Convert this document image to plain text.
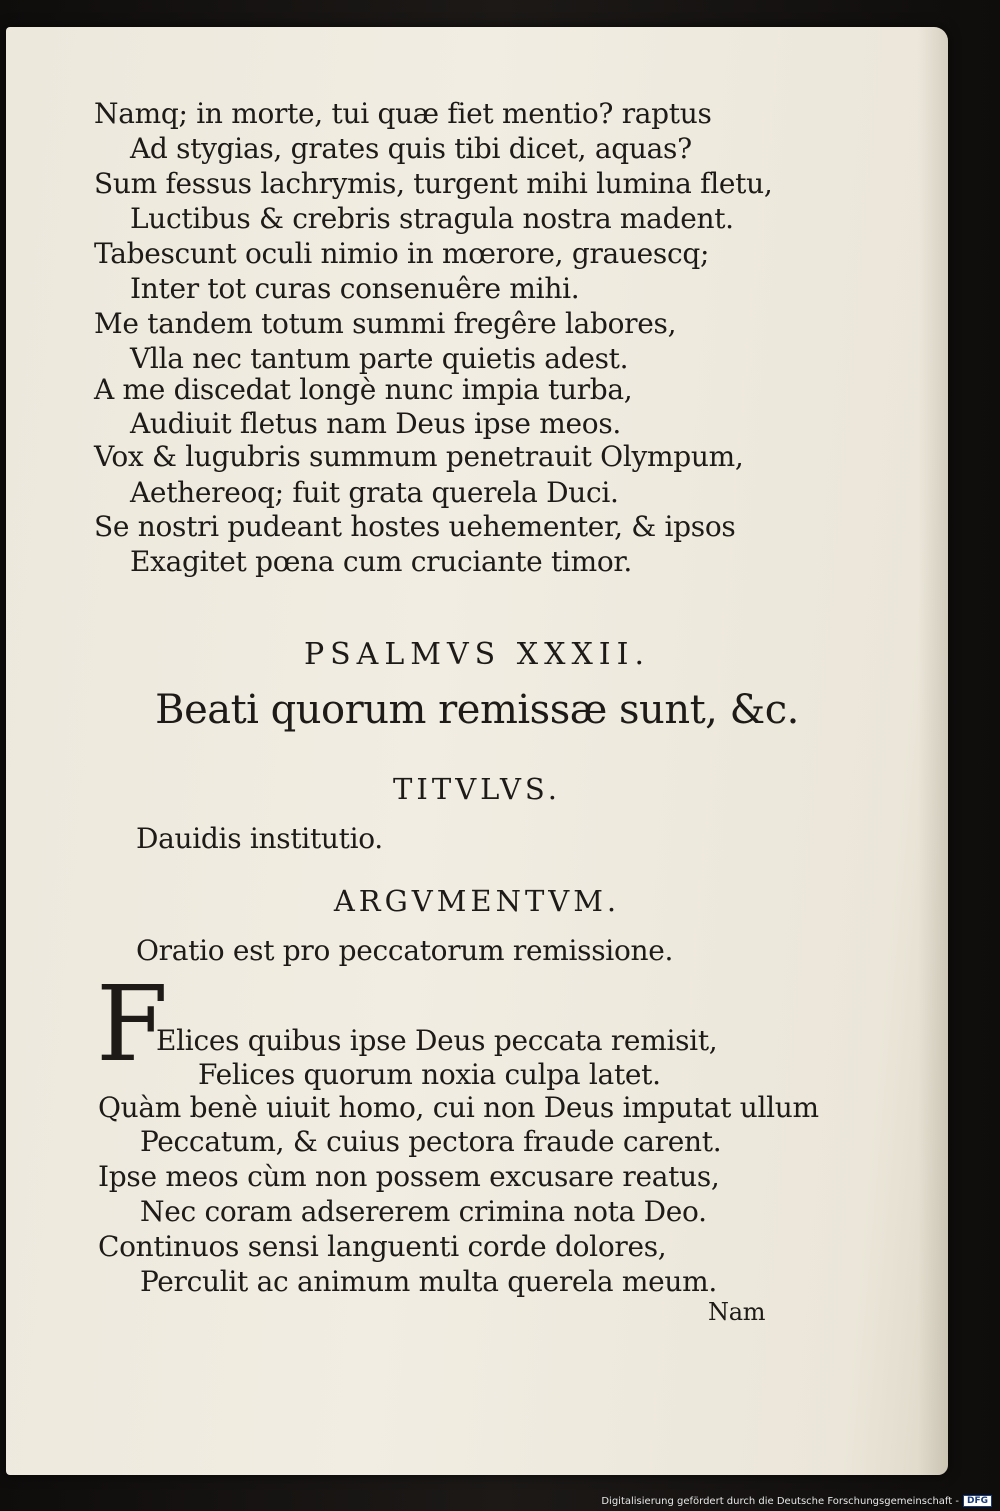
Namq; in morte, tui quæ fiet mentio? raptus
Ad stygias, grates quis tibi dicet, aquas?
Sum fessus lachrymis, turgent mihi lumina fletu,
Luctibus & crebris stragula nostra madent.
Tabescunt oculi nimio in mœrore, grauescq;
Inter tot curas consenuêre mihi.
Me tandem totum summi fregêre labores,
Vlla nec tantum parte quietis adest.
A me discedat longè nunc impia turba,
Audiuit fletus nam Deus ipse meos.
Vox & lugubris summum penetrauit Olympum,
Aethereoq; fuit grata querela Duci.
Se nostri pudeant hostes uehementer, & ipsos
Exagitet pœna cum cruciante timor.
PSALMVS XXXII.
Beati quorum remissæ sunt, &c.
TITVLVS.
Dauidis institutio.
ARGVMENTVM.
Oratio est pro peccatorum remissione.
F
Elices quibus ipse Deus peccata remisit,
Felices quorum noxia culpa latet.
Quàm benè uiuit homo, cui non Deus imputat ullum
Peccatum, & cuius pectora fraude carent.
Ipse meos cùm non possem excusare reatus,
Nec coram adsererem crimina nota Deo.
Continuos sensi languenti corde dolores,
Perculit ac animum multa querela meum.
Nam
Digitalisierung gefördert durch die Deutsche Forschungsgemeinschaft - DFG
